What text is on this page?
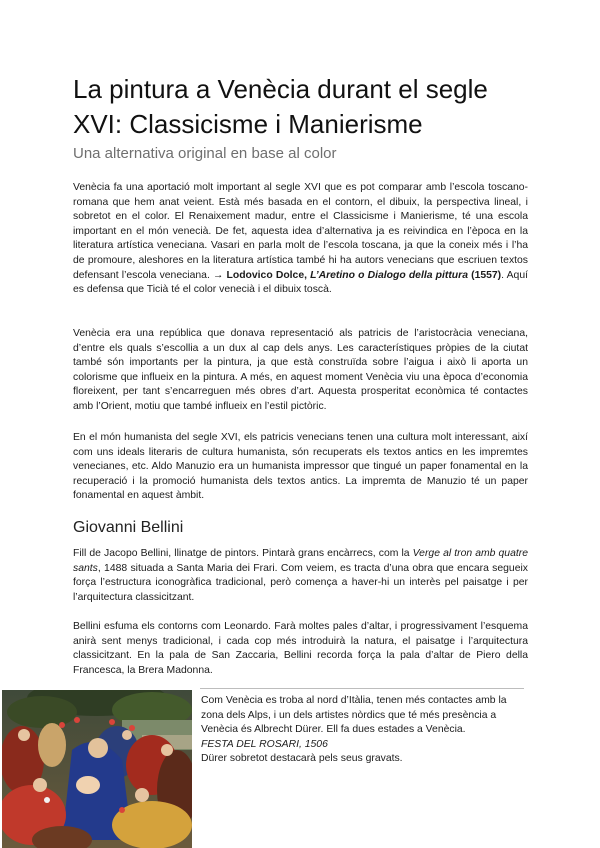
La pintura a Venècia durant el segle XVI: Classicisme i Manierisme
Una alternativa original en base al color

Venècia fa una aportació molt important al segle XVI que es pot comparar amb l’escola toscano-romana que hem anat veient. Està més basada en el contorn, el dibuix, la perspectiva lineal, i sobretot en el color. El Renaixement madur, entre el Classicisme i Manierisme, té una escola important en el món venecià. De fet, aquesta idea d’alternativa ja es reivindica en l’època en la literatura artística veneciana. Vasari en parla molt de l’escola toscana, ja que la coneix més i l’ha de promoure, aleshores en la literatura artística també hi ha autors venecians que escriuen textos defensant l’escola veneciana. → Lodovico Dolce, L’Aretino o Dialogo della pittura (1557). Aquí es defensa que Ticià té el color venecià i el dibuix toscà.

Venècia era una república que donava representació als patricis de l’aristocràcia veneciana, d’entre els quals s’escollia a un dux al cap dels anys. Les característiques pròpies de la ciutat també són importants per la pintura, ja que està construïda sobre l’aigua i això li aporta un colorisme que influeix en la pintura. A més, en aquest moment Venècia viu una època d’economia floreixent, per tant s’encarreguen més obres d’art. Aquesta prosperitat econòmica té contactes amb l’Orient, motiu que també influeix en l’estil pictòric.

En el món humanista del segle XVI, els patricis venecians tenen una cultura molt interessant, així com uns ideals literaris de cultura humanista, són recuperats els textos antics en les impremtes venecianes, etc. Aldo Manuzio era un humanista impressor que tingué un paper fonamental en la recuperació i la promoció humanista dels textos antics. La impremta de Manuzio té un paper fonamental en aquest àmbit.

Giovanni Bellini

Fill de Jacopo Bellini, llinatge de pintors. Pintarà grans encàrrecs, com la Verge al tron amb quatre sants, 1488 situada a Santa Maria dei Frari. Com veiem, es tracta d’una obra que encara segueix força l’estructura iconogràfica tradicional, però comença a haver-hi un interès pel paisatge i per l’arquitectura classicitzant.

Bellini esfuma els contorns com Leonardo. Farà moltes pales d’altar, i progressivament l’esquema anirà sent menys tradicional, i cada cop més introduirà la natura, el paisatge i l’arquitectura classicitzant. En la pala de San Zaccaria, Bellini recorda força la pala d’altar de Piero della Francesca, la Brera Madonna.

Com Venècia es troba al nord d’Itàlia, tenen més contactes amb la zona dels Alps, i un dels artistes nòrdics que té més presència a Venècia és Albrecht Dürer. Ell fa dues estades a Venècia.
FESTA DEL ROSARI, 1506
Dürer sobretot destacarà pels seus gravats.
